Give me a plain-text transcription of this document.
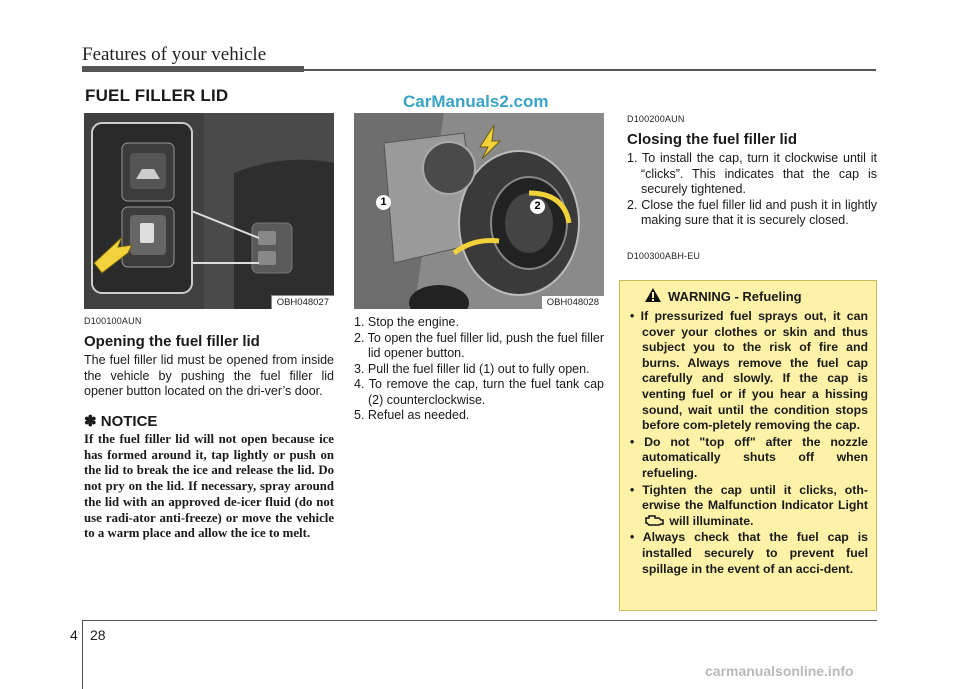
Features of your vehicle
FUEL FILLER LID	CarManuals2.com
OBH048027
1	2
OBH048028
D100100AUN
Opening the fuel filler lid
The fuel filler lid must be opened from inside the vehicle by pushing the fuel filler lid opener button located on the dri-ver’s door.
✽ NOTICE
If the fuel filler lid will not open because ice has formed around it, tap lightly or push on the lid to break the ice and release the lid. Do not pry on the lid. If necessary, spray around the lid with an approved de-icer fluid (do not use radi-ator anti-freeze) or move the vehicle to a warm place and allow the ice to melt.
1. Stop the engine.
2. To open the fuel filler lid, push the fuel filler lid opener button.
3. Pull the fuel filler lid (1) out to fully open.
4. To remove the cap, turn the fuel tank cap (2) counterclockwise.
5. Refuel as needed.
D100200AUN
Closing the fuel filler lid
1. To install the cap, turn it clockwise until it “clicks”. This indicates that the cap is securely tightened.
2. Close the fuel filler lid and push it in lightly making sure that it is securely closed.
D100300ABH-EU
WARNING - Refueling
• If pressurized fuel sprays out, it can cover your clothes or skin and thus subject you to the risk of fire and burns. Always remove the fuel cap carefully and slowly. If the cap is venting fuel or if you hear a hissing sound, wait until the condition stops before com-pletely removing the cap.
• Do not "top off" after the nozzle automatically shuts off when refueling.
• Tighten the cap until it clicks, oth-erwise the Malfunction Indicator Light  will illuminate.
• Always check that the fuel cap is installed securely to prevent fuel spillage in the event of an acci-dent.
4 28
carmanualsonline.info
